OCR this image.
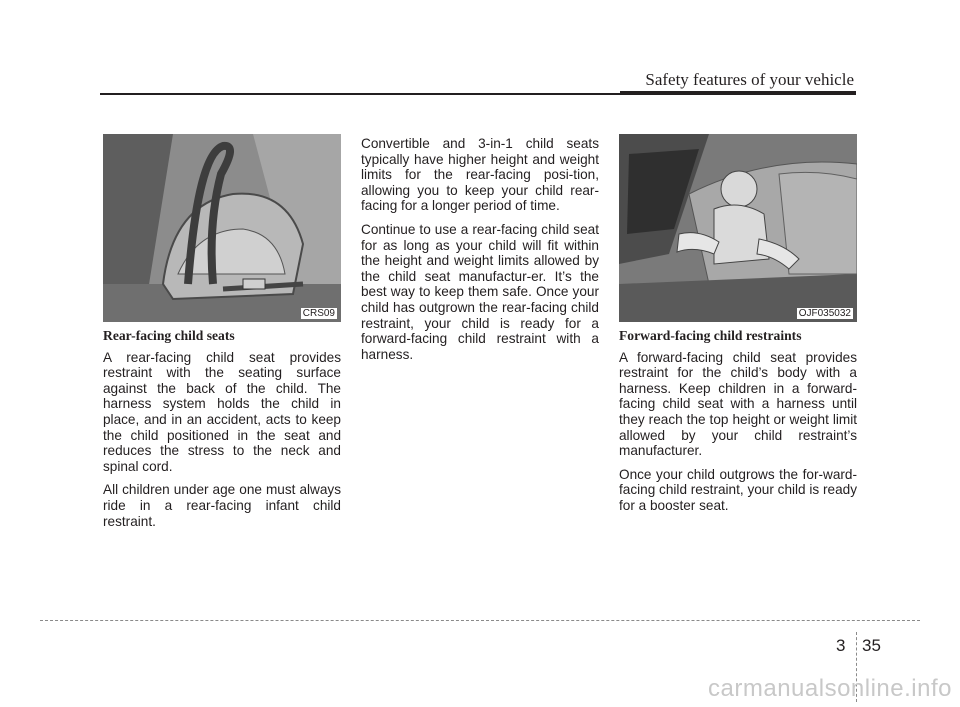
Safety features of your vehicle
CRS09	OJF035032
Rear-facing child seats

A rear-facing child seat provides restraint with the seating surface against the back of the child. The harness system holds the child in place, and in an accident, acts to keep the child positioned in the seat and reduces the stress to the neck and spinal cord.

All children under age one must always ride in a rear-facing infant child restraint.

Convertible and 3-in-1 child seats typically have higher height and weight limits for the rear-facing posi-tion, allowing you to keep your child rear-facing for a longer period of time.

Continue to use a rear-facing child seat for as long as your child will fit within the height and weight limits allowed by the child seat manufactur-er. It’s the best way to keep them safe. Once your child has outgrown the rear-facing child restraint, your child is ready for a forward-facing child restraint with a harness.

Forward-facing child restraints

A forward-facing child seat provides restraint for the child’s body with a harness. Keep children in a forward-facing child seat with a harness until they reach the top height or weight limit allowed by your child restraint’s manufacturer.

Once your child outgrows the for-ward-facing child restraint, your child is ready for a booster seat.

3 35
carmanualsonline.info
